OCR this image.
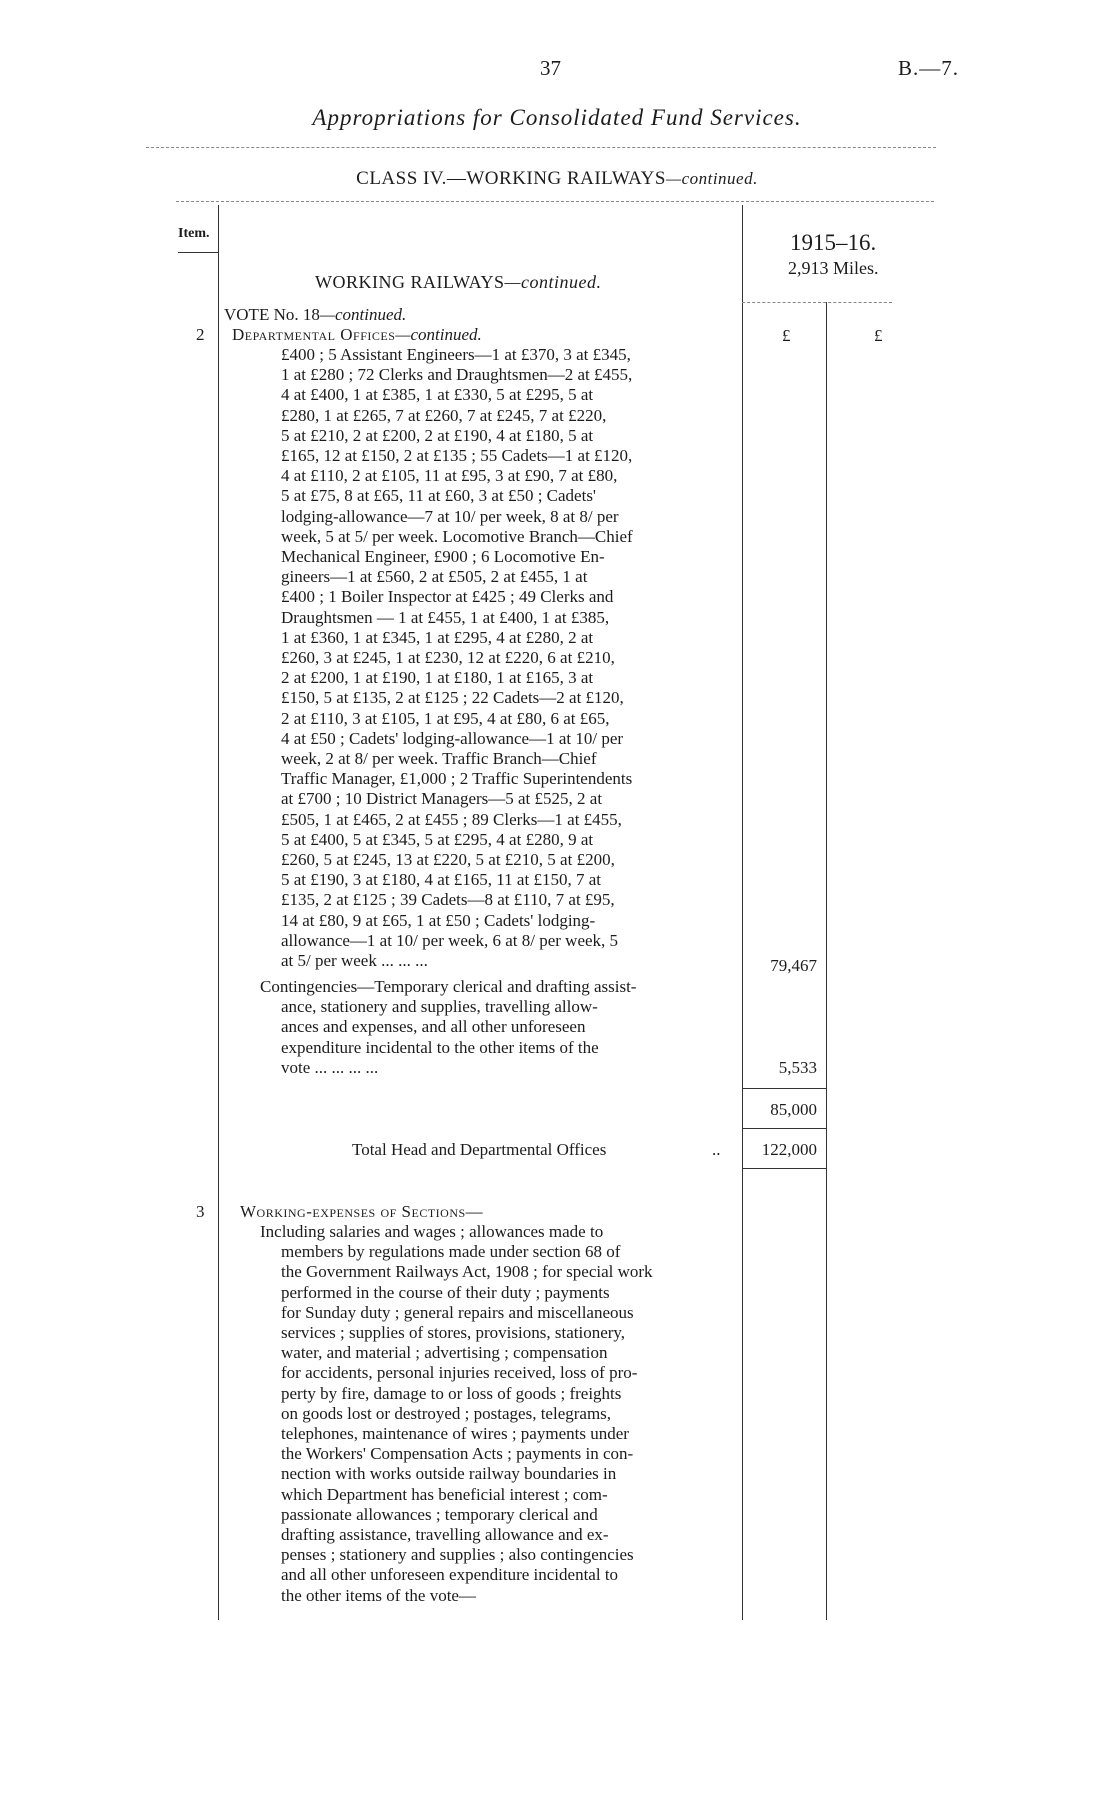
37	B.—7.
Appropriations for Consolidated Fund Services.
CLASS IV.—WORKING RAILWAYS—continued.
Item.	1915–16.
2,913 Miles.
£	£
WORKING RAILWAYS—continued.
VOTE No. 18—continued.
2 Departmental Offices—continued.
£400 ; 5 Assistant Engineers—1 at £370, 3 at £345,
1 at £280 ; 72 Clerks and Draughtsmen—2 at £455,
4 at £400, 1 at £385, 1 at £330, 5 at £295, 5 at
£280, 1 at £265, 7 at £260, 7 at £245, 7 at £220,
5 at £210, 2 at £200, 2 at £190, 4 at £180, 5 at
£165, 12 at £150, 2 at £135 ; 55 Cadets—1 at £120,
4 at £110, 2 at £105, 11 at £95, 3 at £90, 7 at £80,
5 at £75, 8 at £65, 11 at £60, 3 at £50 ; Cadets'
lodging-allowance—7 at 10/ per week, 8 at 8/ per
week, 5 at 5/ per week. Locomotive Branch—Chief
Mechanical Engineer, £900 ; 6 Locomotive En-
gineers—1 at £560, 2 at £505, 2 at £455, 1 at
£400 ; 1 Boiler Inspector at £425 ; 49 Clerks and
Draughtsmen — 1 at £455, 1 at £400, 1 at £385,
1 at £360, 1 at £345, 1 at £295, 4 at £280, 2 at
£260, 3 at £245, 1 at £230, 12 at £220, 6 at £210,
2 at £200, 1 at £190, 1 at £180, 1 at £165, 3 at
£150, 5 at £135, 2 at £125 ; 22 Cadets—2 at £120,
2 at £110, 3 at £105, 1 at £95, 4 at £80, 6 at £65,
4 at £50 ; Cadets' lodging-allowance—1 at 10/ per
week, 2 at 8/ per week. Traffic Branch—Chief
Traffic Manager, £1,000 ; 2 Traffic Superintendents
at £700 ; 10 District Managers—5 at £525, 2 at
£505, 1 at £465, 2 at £455 ; 89 Clerks—1 at £455,
5 at £400, 5 at £345, 5 at £295, 4 at £280, 9 at
£260, 5 at £245, 13 at £220, 5 at £210, 5 at £200,
5 at £190, 3 at £180, 4 at £165, 11 at £150, 7 at
£135, 2 at £125 ; 39 Cadets—8 at £110, 7 at £95,
14 at £80, 9 at £65, 1 at £50 ; Cadets' lodging-
allowance—1 at 10/ per week, 6 at 8/ per week, 5
at 5/ per week ... ... ...	79,467
Contingencies—Temporary clerical and drafting assist-
ance, stationery and supplies, travelling allow-
ances and expenses, and all other unforeseen
expenditure incidental to the other items of the
vote ... ... ... ...	5,533
85,000
Total Head and Departmental Offices	..	122,000
3 Working-expenses of Sections—
Including salaries and wages ; allowances made to
members by regulations made under section 68 of
the Government Railways Act, 1908 ; for special work
performed in the course of their duty ; payments
for Sunday duty ; general repairs and miscellaneous
services ; supplies of stores, provisions, stationery,
water, and material ; advertising ; compensation
for accidents, personal injuries received, loss of pro-
perty by fire, damage to or loss of goods ; freights
on goods lost or destroyed ; postages, telegrams,
telephones, maintenance of wires ; payments under
the Workers' Compensation Acts ; payments in con-
nection with works outside railway boundaries in
which Department has beneficial interest ; com-
passionate allowances ; temporary clerical and
drafting assistance, travelling allowance and ex-
penses ; stationery and supplies ; also contingencies
and all other unforeseen expenditure incidental to
the other items of the vote—
